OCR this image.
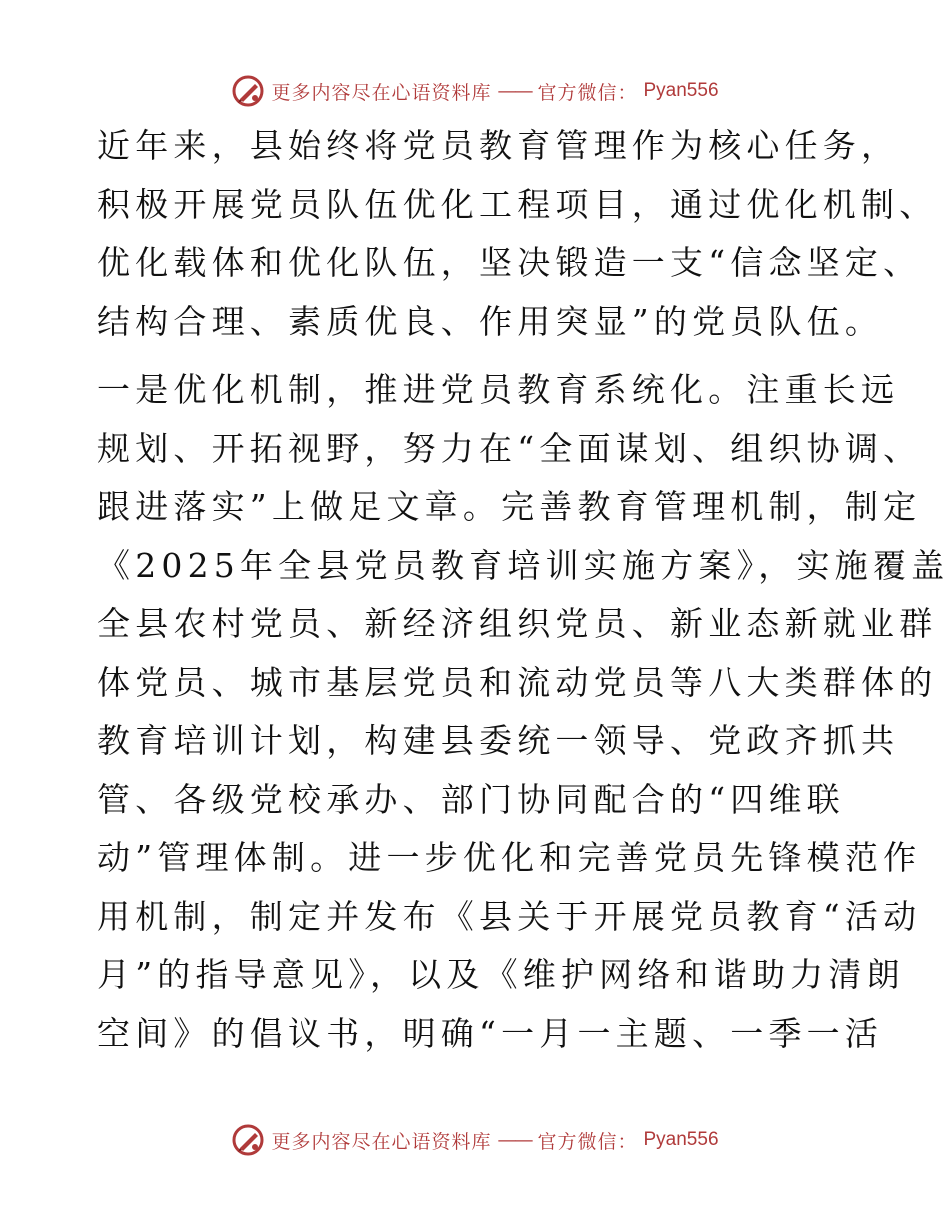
更多内容尽在心语资料库 —— 官方微信： Pyan556
近年来，县始终将党员教育管理作为核心任务，
积极开展党员队伍优化工程项目，通过优化机制、
优化载体和优化队伍，坚决锻造一支“信念坚定、
结构合理、素质优良、作用突显”的党员队伍。
一是优化机制，推进党员教育系统化。注重长远
规划、开拓视野，努力在“全面谋划、组织协调、
跟进落实”上做足文章。完善教育管理机制，制定
《2025年全县党员教育培训实施方案》，实施覆盖
全县农村党员、新经济组织党员、新业态新就业群
体党员、城市基层党员和流动党员等八大类群体的
教育培训计划，构建县委统一领导、党政齐抓共
管、各级党校承办、部门协同配合的“四维联
动”管理体制。进一步优化和完善党员先锋模范作
用机制，制定并发布《县关于开展党员教育“活动
月”的指导意见》，以及《维护网络和谐助力清朗
空间》的倡议书，明确“一月一主题、一季一活
更多内容尽在心语资料库 —— 官方微信： Pyan556
